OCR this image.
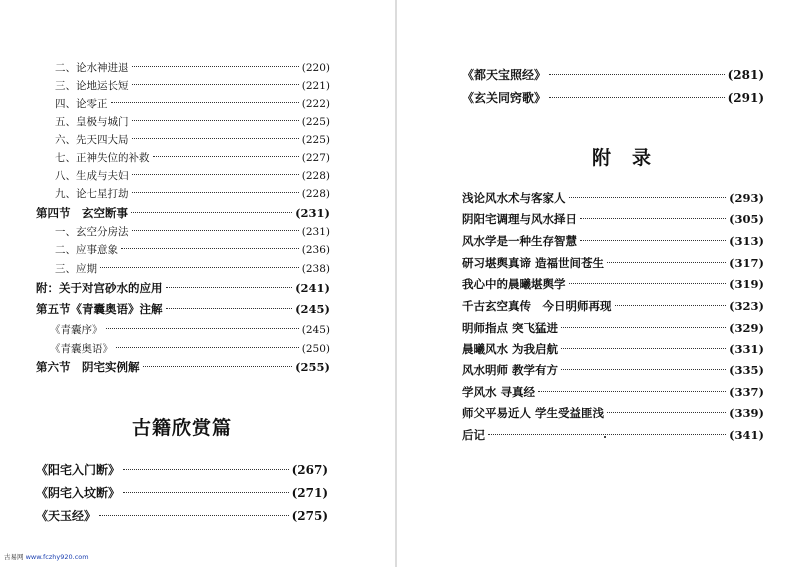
二、论水神进退	(220)
三、论地运长短	(221)
四、论零正	(222)
五、皇极与城门	(225)
六、先天四大局	(225)
七、正神失位的补救	(227)
八、生成与夫妇	(228)
九、论七星打劫	(228)
第四节　玄空断事	(231)
一、玄空分房法	(231)
二、应事意象	(236)
三、应期	(238)
附：关于对宫砂水的应用	(241)
第五节《青囊奥语》注解	(245)
《青囊序》	(245)
《青囊奥语》	(250)
第六节　阴宅实例解	(255)
古籍欣赏篇
《阳宅入门断》	(267)
《阴宅入坟断》	(271)
《天玉经》	(275)
《都天宝照经》	(281)
《玄关同窍歌》	(291)
附　录
浅论风水术与客家人	(293)
阴阳宅调理与风水择日	(305)
风水学是一种生存智慧	(313)
研习堪舆真谛 造福世间苍生	(317)
我心中的晨曦堪舆学	(319)
千古玄空真传　今日明师再现	(323)
明师指点 突飞猛进	(329)
晨曦风水 为我启航	(331)
风水明师 教学有方	(335)
学风水 寻真经	(337)
师父平易近人 学生受益匪浅	(339)
后记	(341)
古易网 www.fczhy920.com
